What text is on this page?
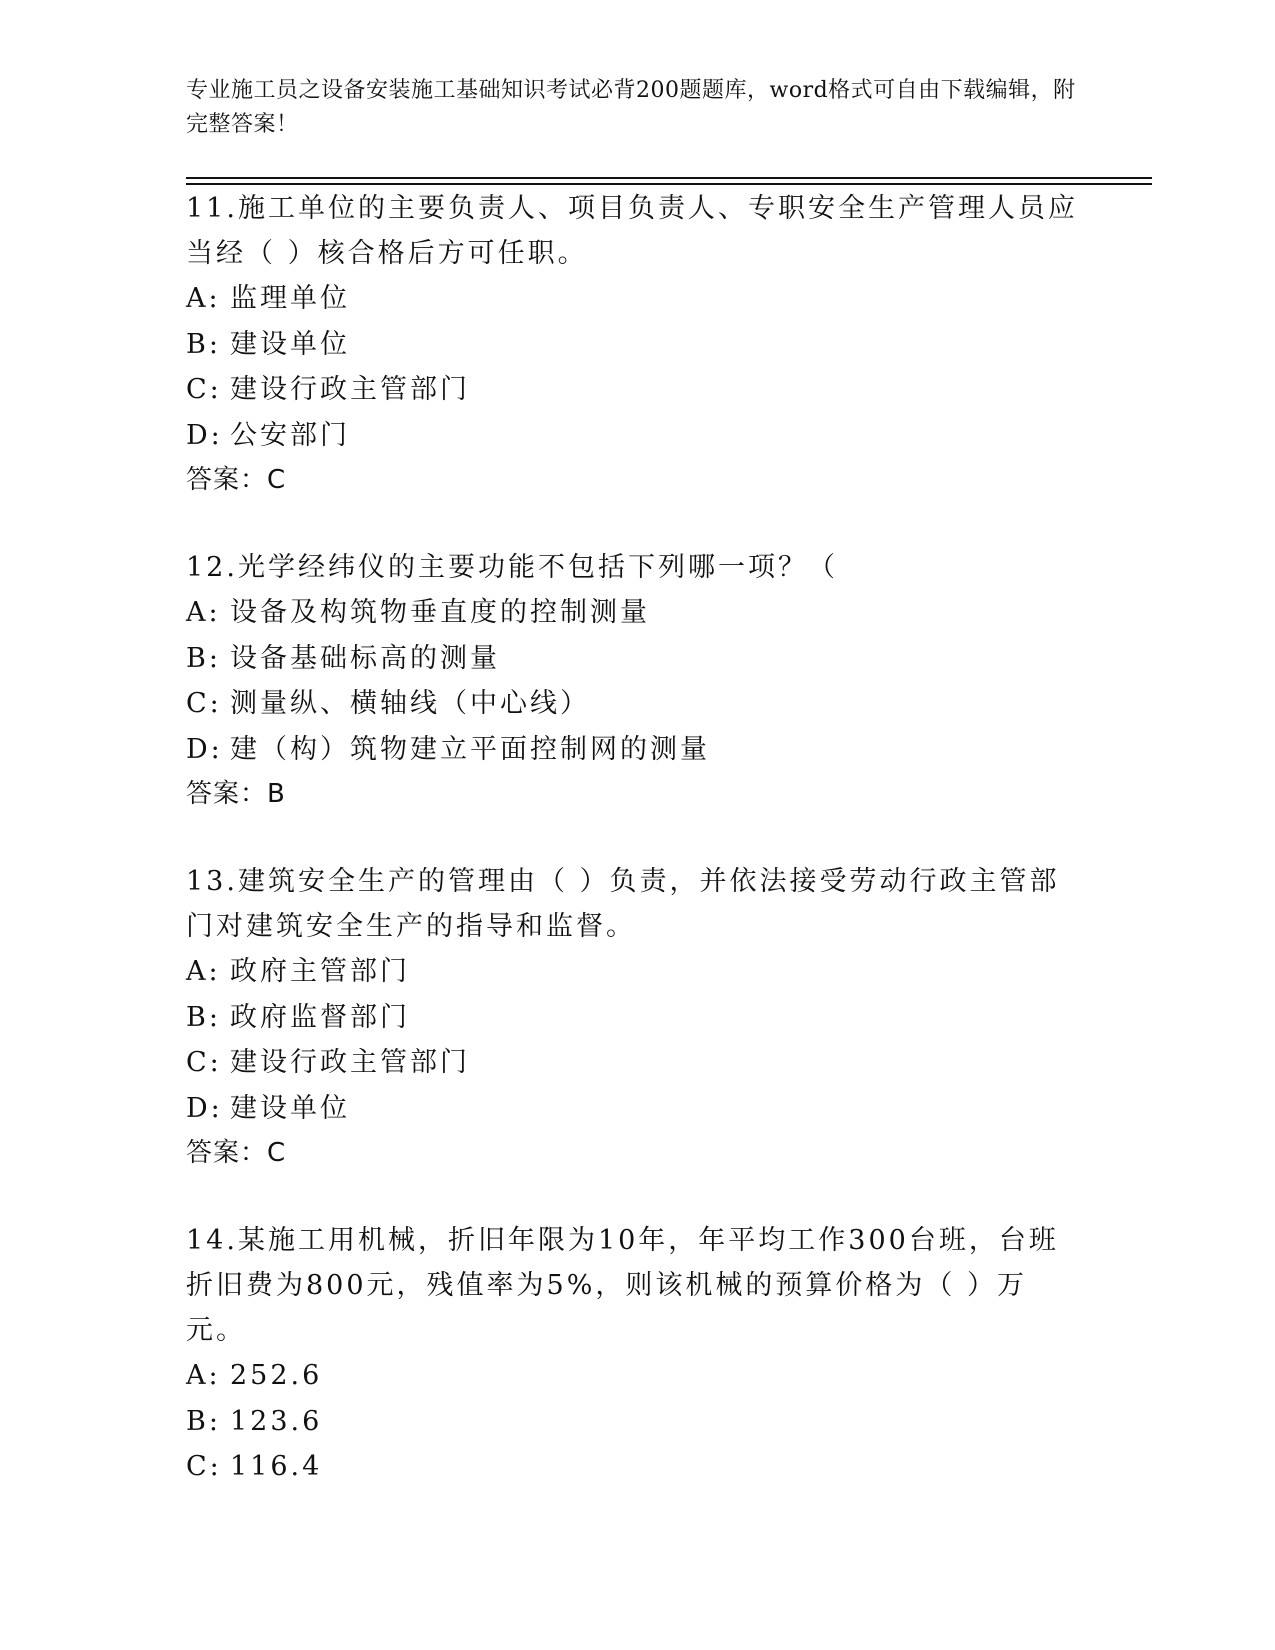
专业施工员之设备安装施工基础知识考试必背200题题库，word格式可自由下载编辑，附完整答案！
11.施工单位的主要负责人、项目负责人、专职安全生产管理人员应当经（ ）核合格后方可任职。
A: 监理单位
B: 建设单位
C: 建设行政主管部门
D: 公安部门
答案：C
12.光学经纬仪的主要功能不包括下列哪一项？（
A: 设备及构筑物垂直度的控制测量
B: 设备基础标高的测量
C: 测量纵、横轴线（中心线）
D: 建（构）筑物建立平面控制网的测量
答案：B
13.建筑安全生产的管理由（ ）负责，并依法接受劳动行政主管部门对建筑安全生产的指导和监督。
A: 政府主管部门
B: 政府监督部门
C: 建设行政主管部门
D: 建设单位
答案：C
14.某施工用机械，折旧年限为10年，年平均工作300台班，台班折旧费为800元，残值率为5%，则该机械的预算价格为（ ）万元。
A: 252.6
B: 123.6
C: 116.4
